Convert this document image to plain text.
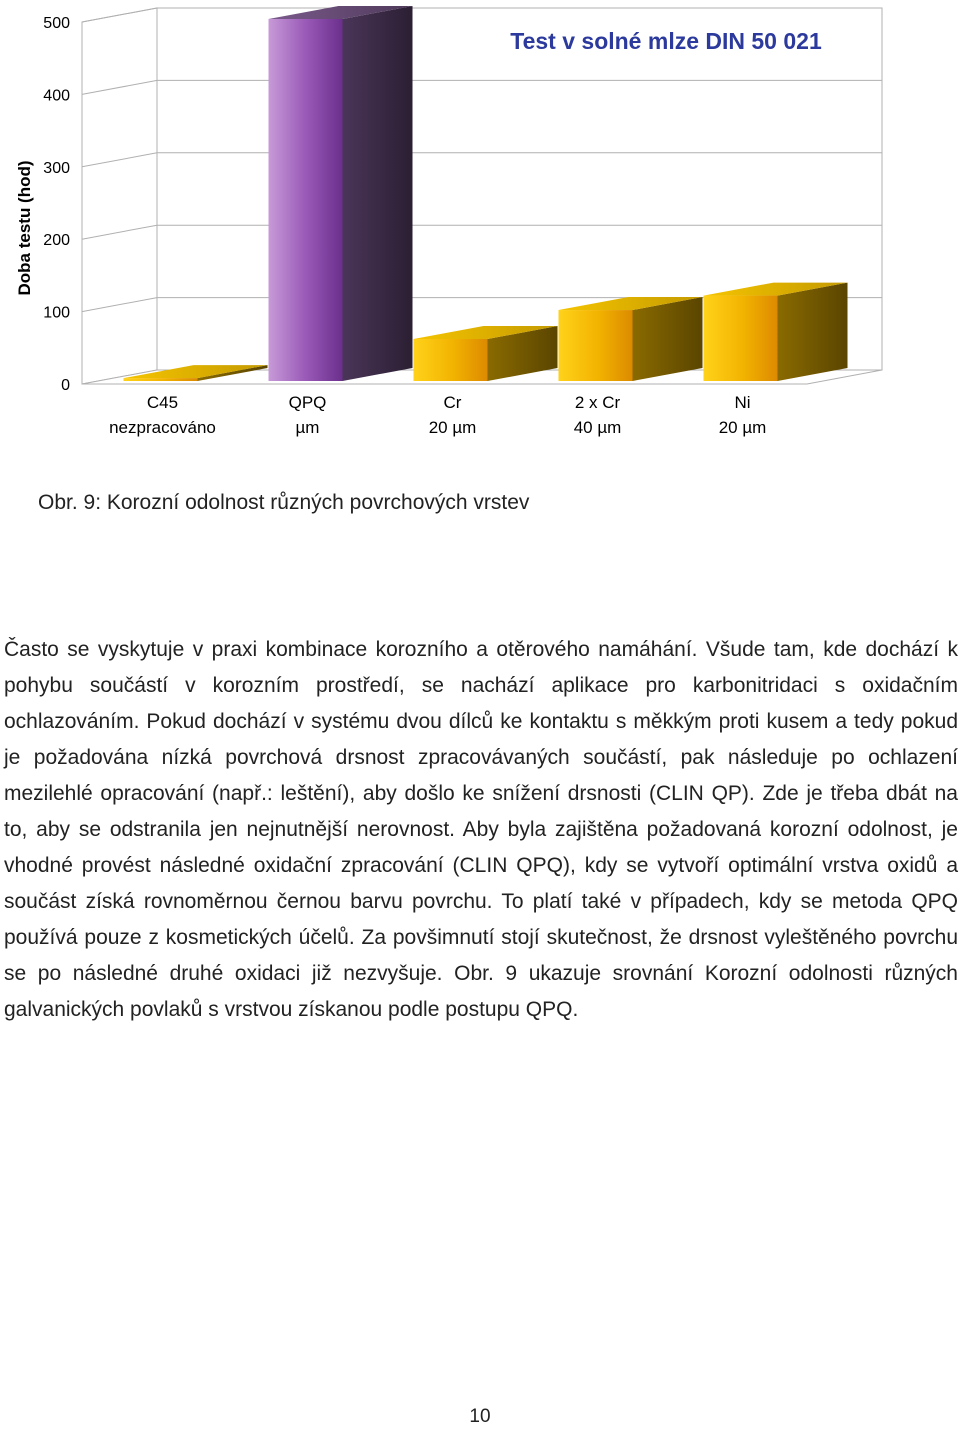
0
100
200
300
400
500
C45
nezpracováno
QPQ
µm
Cr
20 µm
2 x Cr
40 µm
Ni
20 µm
Doba testu (hod)
Test v solné mlze DIN 50 021
Obr. 9: Korozní odolnost různých povrchových vrstev
Často se vyskytuje v praxi kombinace korozního a otěrového namáhání. Všude tam, kde dochází k pohybu součástí v korozním prostředí, se nachází aplikace pro karbonitridaci s oxidačním ochlazováním. Pokud dochází v systému dvou dílců ke kontaktu s měkkým proti kusem a tedy pokud je požadována nízká povrchová drsnost zpracovávaných součástí, pak následuje po ochlazení mezilehlé opracování (např.: leštění), aby došlo ke snížení drsnosti (CLIN QP). Zde je třeba dbát na to, aby se odstranila jen nejnutnější nerovnost. Aby byla zajištěna požadovaná korozní odolnost, je vhodné provést následné oxidační zpracování (CLIN QPQ), kdy se vytvoří optimální vrstva oxidů a součást získá rovnoměrnou černou barvu povrchu. To platí také v případech, kdy se metoda QPQ používá pouze z kosmetických účelů. Za povšimnutí stojí skutečnost, že drsnost vyleštěného povrchu se po následné druhé oxidaci již nezvyšuje. Obr. 9 ukazuje srovnání Korozní odolnosti různých galvanických povlaků s vrstvou získanou podle postupu QPQ.
10
